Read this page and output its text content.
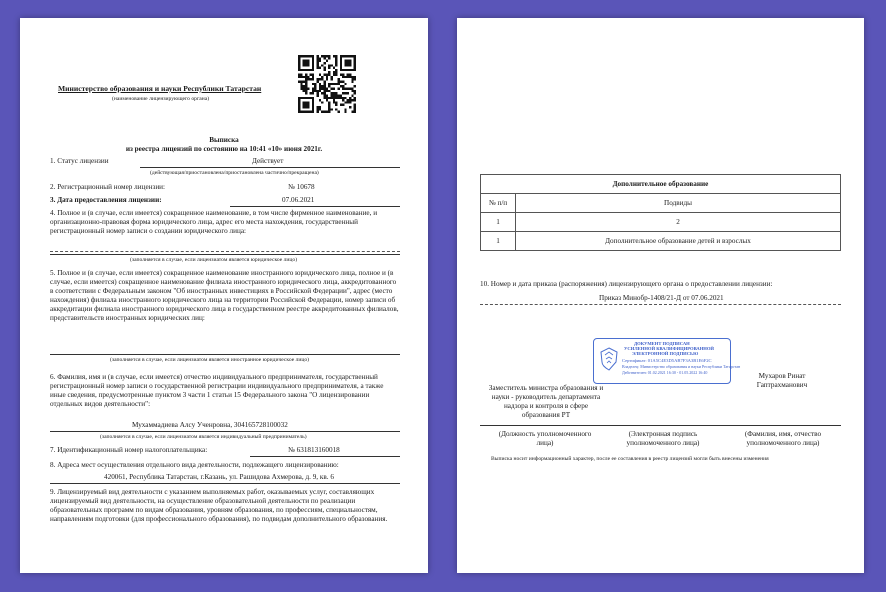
Министерство образования и науки Республики Татарстан
(наименование лицензирующего органа)
Выписка
из реестра лицензий по состоянию на 10:41 «10» июня 2021г.
1. Статус лицензии	Действует
(действующая/приостановлена/приостановлена частично/прекращена)
2. Регистрационный номер лицензии:	№ 10678
3. Дата предоставления лицензии:	07.06.2021
4. Полное и (в случае, если имеется) сокращенное наименование, в том числе фирменное наименование, и организационно-правовая форма юридического лица, адрес его места нахождения, государственный регистрационный номер записи о создании юридического лица:
(заполняется в случае, если лицензиатом является юридическое лицо)
5. Полное и (в случае, если имеется) сокращенное наименование иностранного юридического лица, полное и (в случае, если имеется) сокращенное наименование филиала иностранного юридического лица, аккредитованного в соответствии с Федеральным законом "Об иностранных инвестициях в Российской Федерации", адрес (место нахождения) филиала иностранного юридического лица на территории Российской Федерации, номер записи об аккредитации филиала иностранного юридического лица в государственном реестре аккредитованных филиалов, представительств иностранных юридических лиц:
(заполняется в случае, если лицензиатом является иностранное юридическое лицо)
6. Фамилия, имя и (в случае, если имеется) отчество индивидуального предпринимателя, государственный регистрационный номер записи о государственной регистрации индивидуального предпринимателя, а также иные сведения, предусмотренные пунктом 3 части 1 статьи 15 Федерального закона "О лицензировании отдельных видов деятельности":
Мухаммадиева Алсу Ученровна, 304165728100032
(заполняется в случае, если лицензиатом является индивидуальный предприниматель)
7. Идентификационный номер налогоплательщика:	№ 631813160018
8. Адреса мест осуществления отдельного вида деятельности, подлежащего лицензированию:
420061, Республика Татарстан, г.Казань, ул. Рашидова Ахмерова, д. 9, кв. 6
9. Лицензируемый вид деятельности с указанием выполняемых работ, оказываемых услуг, составляющих лицензируемый вид деятельности, на осуществление образовательной деятельности по реализации образовательных программ по видам образования, уровням образования, по профессиям, специальностям, направлениям подготовки (для профессионального образования), по подвидам дополнительного образования.
Дополнительное образование	
№ п/п	Подвиды
1	2
1	Дополнительное образование детей и взрослых
10. Номер и дата приказа (распоряжения) лицензирующего органа о предоставлении лицензии:
Приказ Минобр-1408/21-Д от 07.06.2021
ДОКУМЕНТ ПОДПИСАН
УСИЛЕННОЙ КВАЛИФИЦИРОВАННОЙ
ЭЛЕКТРОННОЙ ПОДПИСЬЮ
Сертификат: 01A5C4E3D5AB7F3A3B1E6F2C
Владелец: Министерство образования и науки Республики Татарстан
Действителен: 01.02.2021 16:30 - 01.05.2022 16:40
Заместитель министра образования и науки - руководитель департамента надзора и контроля в сфере образования РТ
Мухаров Ринат Гаптрахманович
(Должность уполномоченного лица)
(Электронная подпись уполномоченного лица)
(Фамилия, имя, отчество уполномоченного лица)
Выписка носит информационный характер, после ее составления в реестр лицензий могли быть внесены изменения
